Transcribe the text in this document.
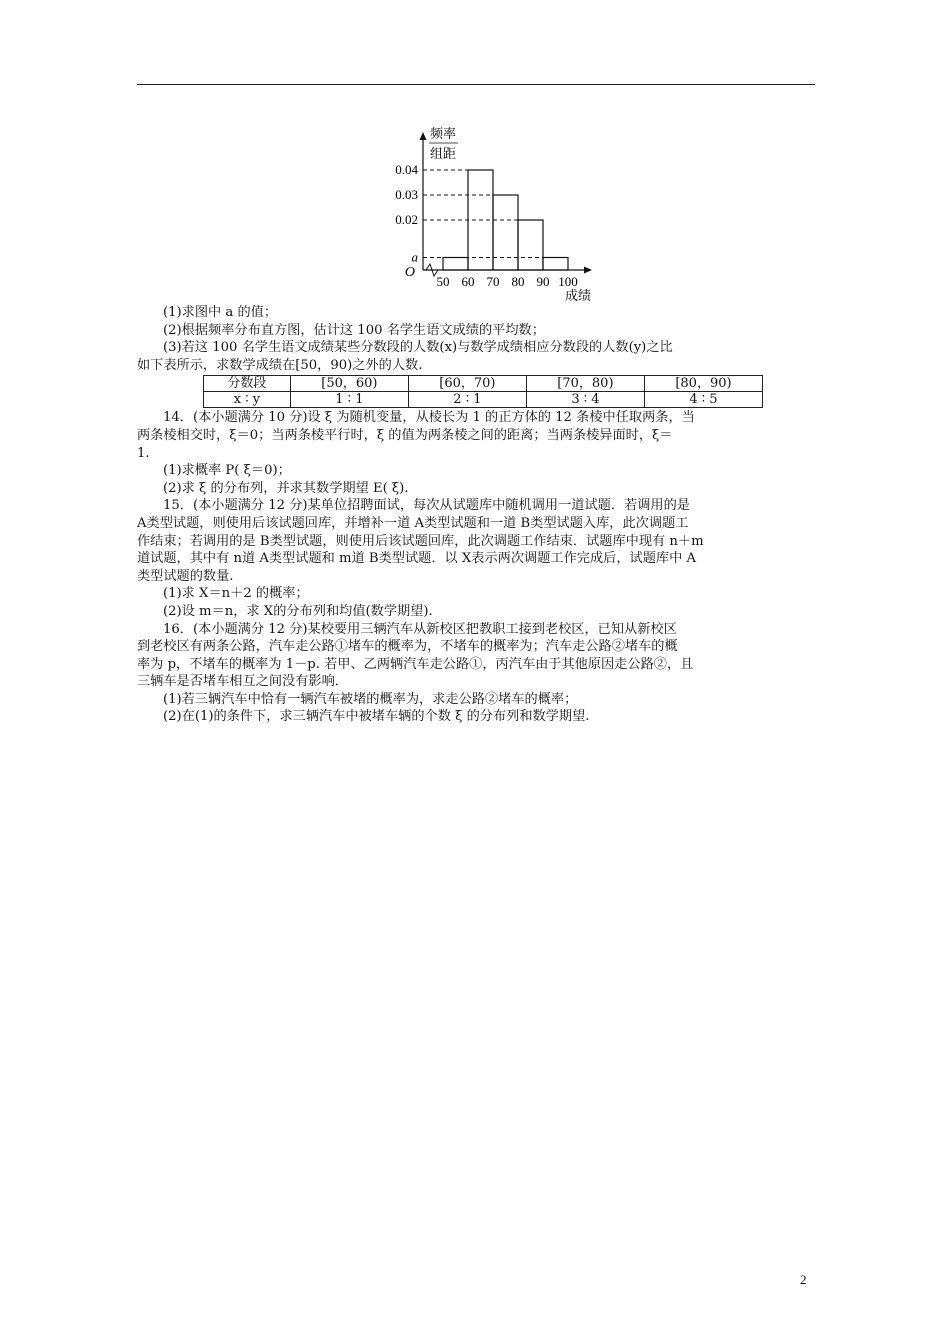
a
0.02
0.03
0.04
50 60 70 80 90 100
O
频率
组距
成绩

(1)求图中 a 的值；

(2)根据频率分布直方图，估计这 100 名学生语文成绩的平均数；

(3)若这 100 名学生语文成绩某些分数段的人数(x)与数学成绩相应分数段的人数(y)之比

如下表所示，求数学成绩在[50，90)之外的人数.

分数段	[50，60)	[60，70)	[70，80)	[80，90)
x ∶ y	1 ∶ 1	2 ∶ 1	3 ∶ 4	4 ∶ 5

14．(本小题满分 10 分)设 ξ 为随机变量，从棱长为 1 的正方体的 12 条棱中任取两条，当

两条棱相交时，ξ＝0；当两条棱平行时，ξ 的值为两条棱之间的距离；当两条棱异面时，ξ＝

1.

(1)求概率 P( ξ＝0)；

(2)求 ξ 的分布列，并求其数学期望 E( ξ).

15．(本小题满分 12 分)某单位招聘面试，每次从试题库中随机调用一道试题．若调用的是

A类型试题，则使用后该试题回库，并增补一道 A类型试题和一道 B类型试题入库，此次调题工

作结束；若调用的是 B类型试题，则使用后该试题回库，此次调题工作结束．试题库中现有 n＋m

道试题，其中有 n道 A类型试题和 m道 B类型试题．以 X表示两次调题工作完成后，试题库中 A

类型试题的数量.

(1)求 X＝n＋2 的概率；

(2)设 m＝n，求 X的分布列和均值(数学期望).

16．(本小题满分 12 分)某校要用三辆汽车从新校区把教职工接到老校区，已知从新校区

到老校区有两条公路，汽车走公路①堵车的概率为，不堵车的概率为；汽车走公路②堵车的概

率为 p，不堵车的概率为 1－p. 若甲、乙两辆汽车走公路①，丙汽车由于其他原因走公路②，且

三辆车是否堵车相互之间没有影响．

(1)若三辆汽车中恰有一辆汽车被堵的概率为，求走公路②堵车的概率；

(2)在(1)的条件下，求三辆汽车中被堵车辆的个数 ξ 的分布列和数学期望.

2
